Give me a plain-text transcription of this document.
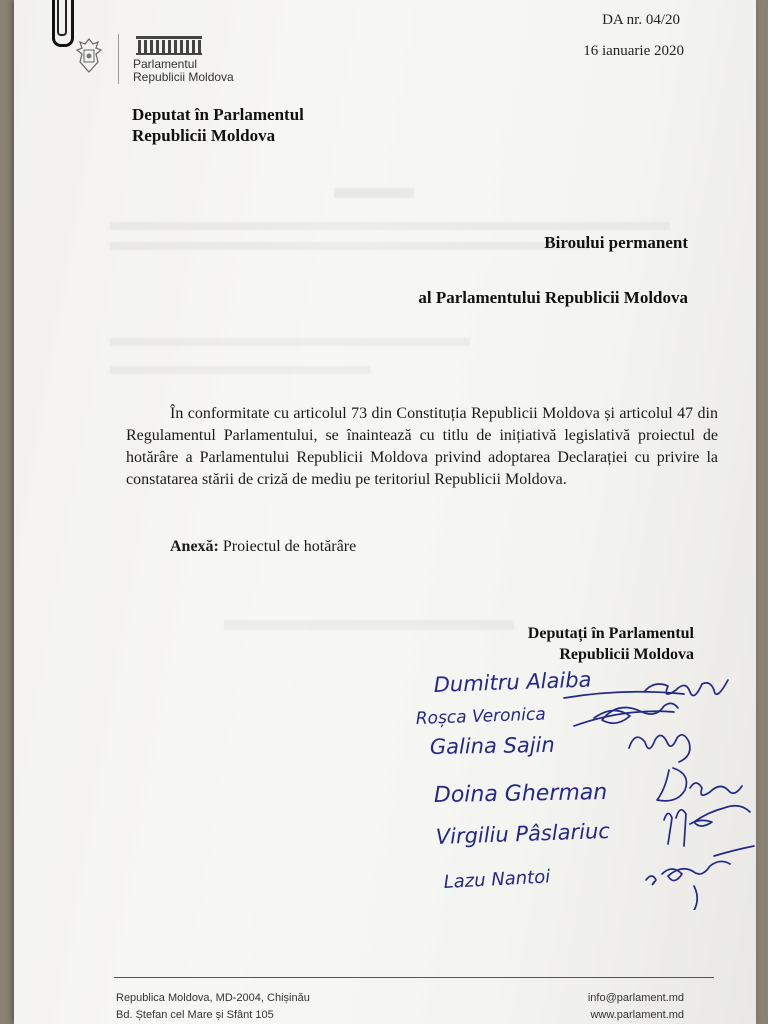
Parlamentul
Republicii Moldova
DA nr. 04/20
16 ianuarie 2020
Deputat în Parlamentul
Republicii Moldova
Biroului permanent
al Parlamentului Republicii Moldova
În conformitate cu articolul 73 din Constituția Republicii Moldova și articolul 47 din Regulamentul Parlamentului, se înaintează cu titlu de inițiativă legislativă proiectul de hotărâre a Parlamentului Republicii Moldova privind adoptarea Declarației cu privire la constatarea stării de criză de mediu pe teritoriul Republicii Moldova.
Anexă: Proiectul de hotărâre
Deputați în Parlamentul
Republicii Moldova
Dumitru Alaiba
Roșca Veronica
Galina Sajin
Doina Gherman
Virgiliu Pâslariuc
Lazu Nantoi
Republica Moldova, MD-2004, Chișinău
Bd. Ștefan cel Mare și Sfânt 105
info@parlament.md
www.parlament.md
